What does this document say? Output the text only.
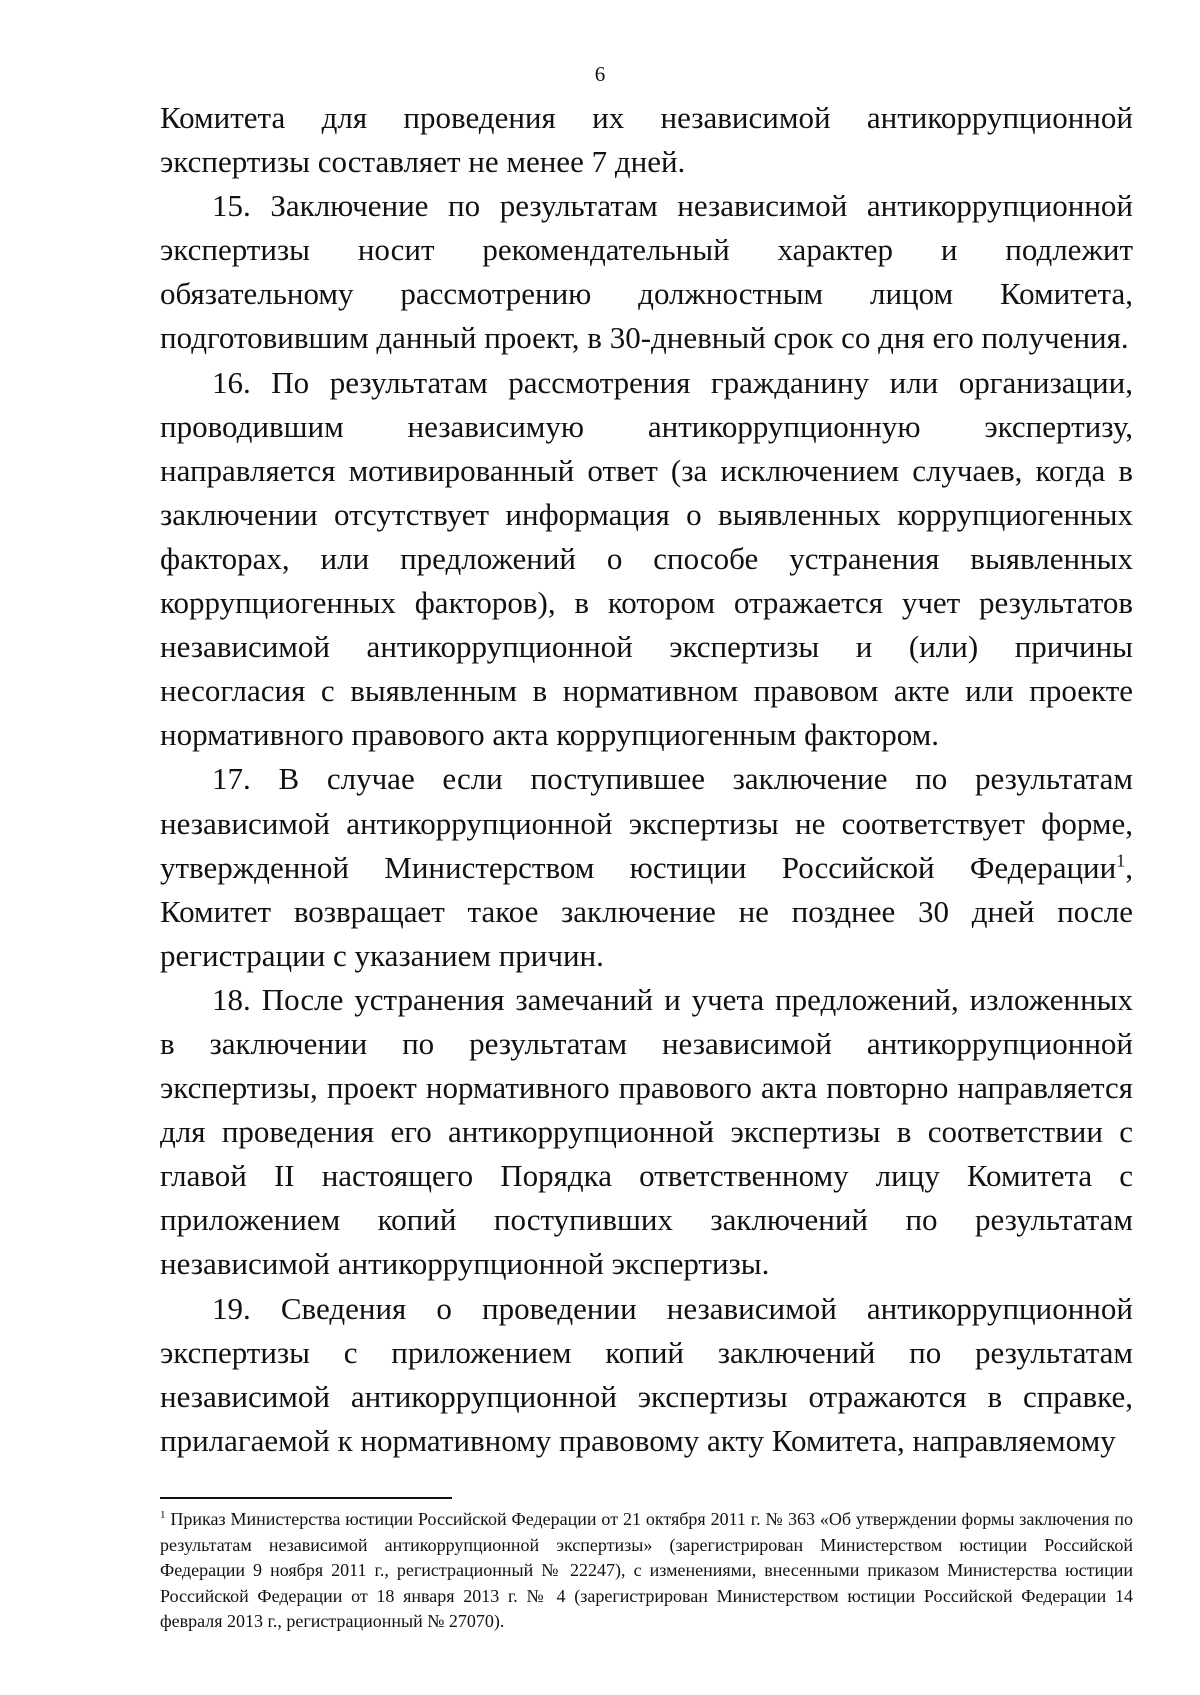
6

Комитета для проведения их независимой антикоррупционной экспертизы составляет не менее 7 дней.

15. Заключение по результатам независимой антикоррупционной экспертизы носит рекомендательный характер и подлежит обязательному рассмотрению должностным лицом Комитета, подготовившим данный проект, в 30-дневный срок со дня его получения.

16. По результатам рассмотрения гражданину или организации, проводившим независимую антикоррупционную экспертизу, направляется мотивированный ответ (за исключением случаев, когда в заключении отсутствует информация о выявленных коррупциогенных факторах, или предложений о способе устранения выявленных коррупциогенных факторов), в котором отражается учет результатов независимой антикоррупционной экспертизы и (или) причины несогласия с выявленным в нормативном правовом акте или проекте нормативного правового акта коррупциогенным фактором.

17. В случае если поступившее заключение по результатам независимой антикоррупционной экспертизы не соответствует форме, утвержденной Министерством юстиции Российской Федерации$^1$, Комитет возвращает такое заключение не позднее 30 дней после регистрации с указанием причин.

18. После устранения замечаний и учета предложений, изложенных в заключении по результатам независимой антикоррупционной экспертизы, проект нормативного правового акта повторно направляется для проведения его антикоррупционной экспертизы в соответствии с главой II настоящего Порядка ответственному лицу Комитета с приложением копий поступивших заключений по результатам независимой антикоррупционной экспертизы.

19. Сведения о проведении независимой антикоррупционной экспертизы с приложением копий заключений по результатам независимой антикоррупционной экспертизы отражаются в справке, прилагаемой к нормативному правовому акту Комитета, направляемому

$^1$ Приказ Министерства юстиции Российской Федерации от 21 октября 2011 г. № 363 «Об утверждении формы заключения по результатам независимой антикоррупционной экспертизы» (зарегистрирован Министерством юстиции Российской Федерации 9 ноября 2011 г., регистрационный № 22247), с изменениями, внесенными приказом Министерства юстиции Российской Федерации от 18 января 2013 г. № 4 (зарегистрирован Министерством юстиции Российской Федерации 14 февраля 2013 г., регистрационный № 27070).
